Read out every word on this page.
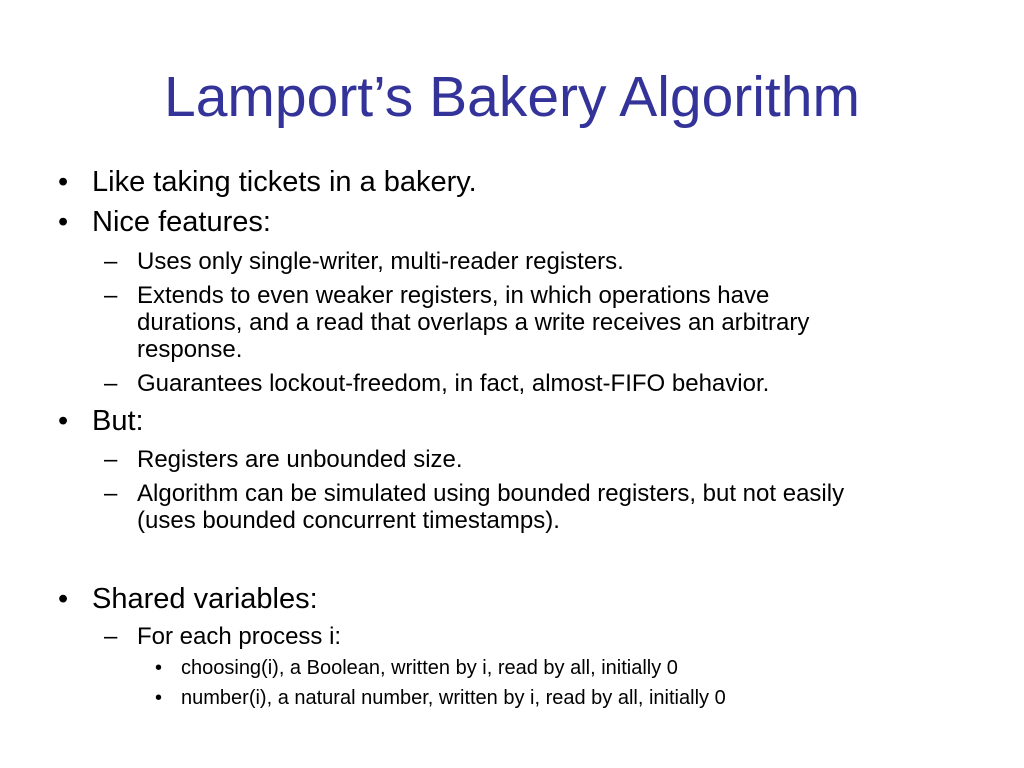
Lamport’s Bakery Algorithm
• Like taking tickets in a bakery.
• Nice features:
– Uses only single-writer, multi-reader registers.
– Extends to even weaker registers, in which operations have
durations, and a read that overlaps a write receives an arbitrary
response.
– Guarantees lockout-freedom, in fact, almost-FIFO behavior.
• But:
– Registers are unbounded size.
– Algorithm can be simulated using bounded registers, but not easily
(uses bounded concurrent timestamps).
• Shared variables:
– For each process i:
• choosing(i), a Boolean, written by i, read by all, initially 0
• number(i), a natural number, written by i, read by all, initially 0
